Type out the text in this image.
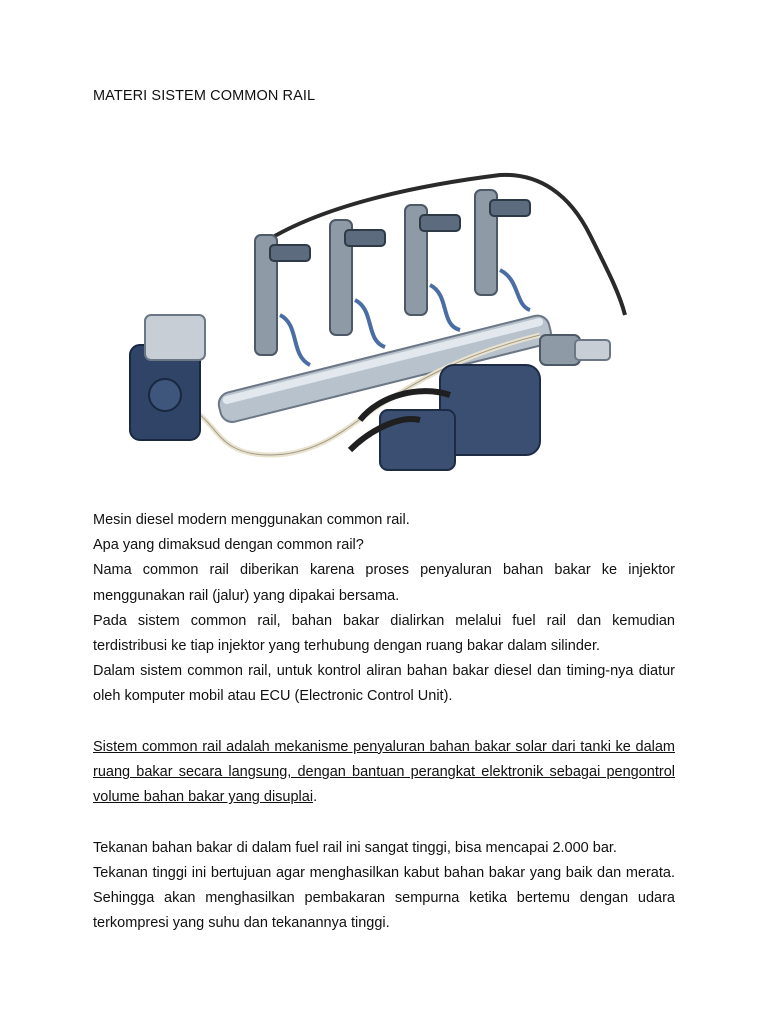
MATERI SISTEM COMMON RAIL

Mesin diesel modern menggunakan common rail.

Apa yang dimaksud dengan common rail?

Nama common rail diberikan karena proses penyaluran bahan bakar ke injektor menggunakan rail (jalur) yang dipakai bersama.

Pada sistem common rail, bahan bakar dialirkan melalui fuel rail dan kemudian terdistribusi ke tiap injektor yang terhubung dengan ruang bakar dalam silinder.

Dalam sistem common rail, untuk kontrol aliran bahan bakar diesel dan timing-nya diatur oleh komputer mobil atau ECU (Electronic Control Unit).

Sistem common rail adalah mekanisme penyaluran bahan bakar solar dari tanki ke dalam ruang bakar secara langsung, dengan bantuan perangkat elektronik sebagai pengontrol volume bahan bakar yang disuplai.

Tekanan bahan bakar di dalam fuel rail ini sangat tinggi, bisa mencapai 2.000 bar.

Tekanan tinggi ini bertujuan agar menghasilkan kabut bahan bakar yang baik dan merata. Sehingga akan menghasilkan pembakaran sempurna ketika bertemu dengan udara terkompresi yang suhu dan tekanannya tinggi.
